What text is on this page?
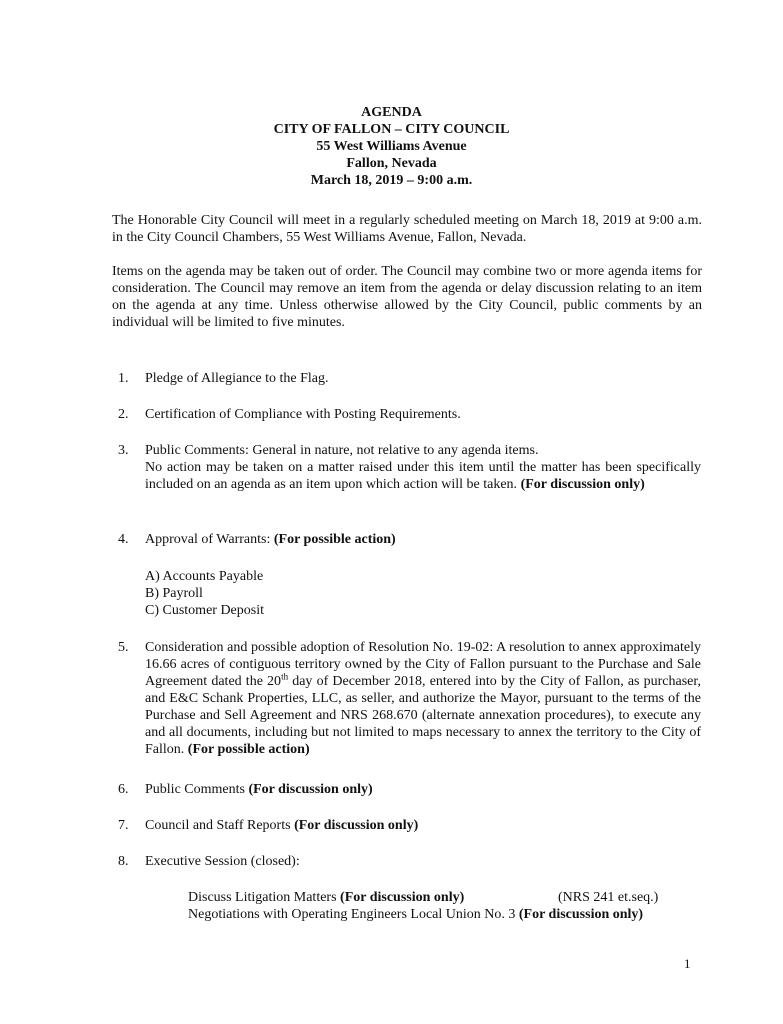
AGENDA
CITY OF FALLON – CITY COUNCIL
55 West Williams Avenue
Fallon, Nevada
March 18, 2019 – 9:00 a.m.
The Honorable City Council will meet in a regularly scheduled meeting on March 18, 2019 at 9:00 a.m. in the City Council Chambers, 55 West Williams Avenue, Fallon, Nevada.
Items on the agenda may be taken out of order. The Council may combine two or more agenda items for consideration. The Council may remove an item from the agenda or delay discussion relating to an item on the agenda at any time. Unless otherwise allowed by the City Council, public comments by an individual will be limited to five minutes.
1. Pledge of Allegiance to the Flag.
2. Certification of Compliance with Posting Requirements.
3. Public Comments: General in nature, not relative to any agenda items.
No action may be taken on a matter raised under this item until the matter has been specifically included on an agenda as an item upon which action will be taken. (For discussion only)
4. Approval of Warrants: (For possible action)
A) Accounts Payable
B) Payroll
C) Customer Deposit
5. Consideration and possible adoption of Resolution No. 19-02: A resolution to annex approximately 16.66 acres of contiguous territory owned by the City of Fallon pursuant to the Purchase and Sale Agreement dated the 20th day of December 2018, entered into by the City of Fallon, as purchaser, and E&C Schank Properties, LLC, as seller, and authorize the Mayor, pursuant to the terms of the Purchase and Sell Agreement and NRS 268.670 (alternate annexation procedures), to execute any and all documents, including but not limited to maps necessary to annex the territory to the City of Fallon. (For possible action)
6. Public Comments (For discussion only)
7. Council and Staff Reports (For discussion only)
8. Executive Session (closed):
Discuss Litigation Matters (For discussion only)	(NRS 241 et.seq.)
Negotiations with Operating Engineers Local Union No. 3 (For discussion only)
1
